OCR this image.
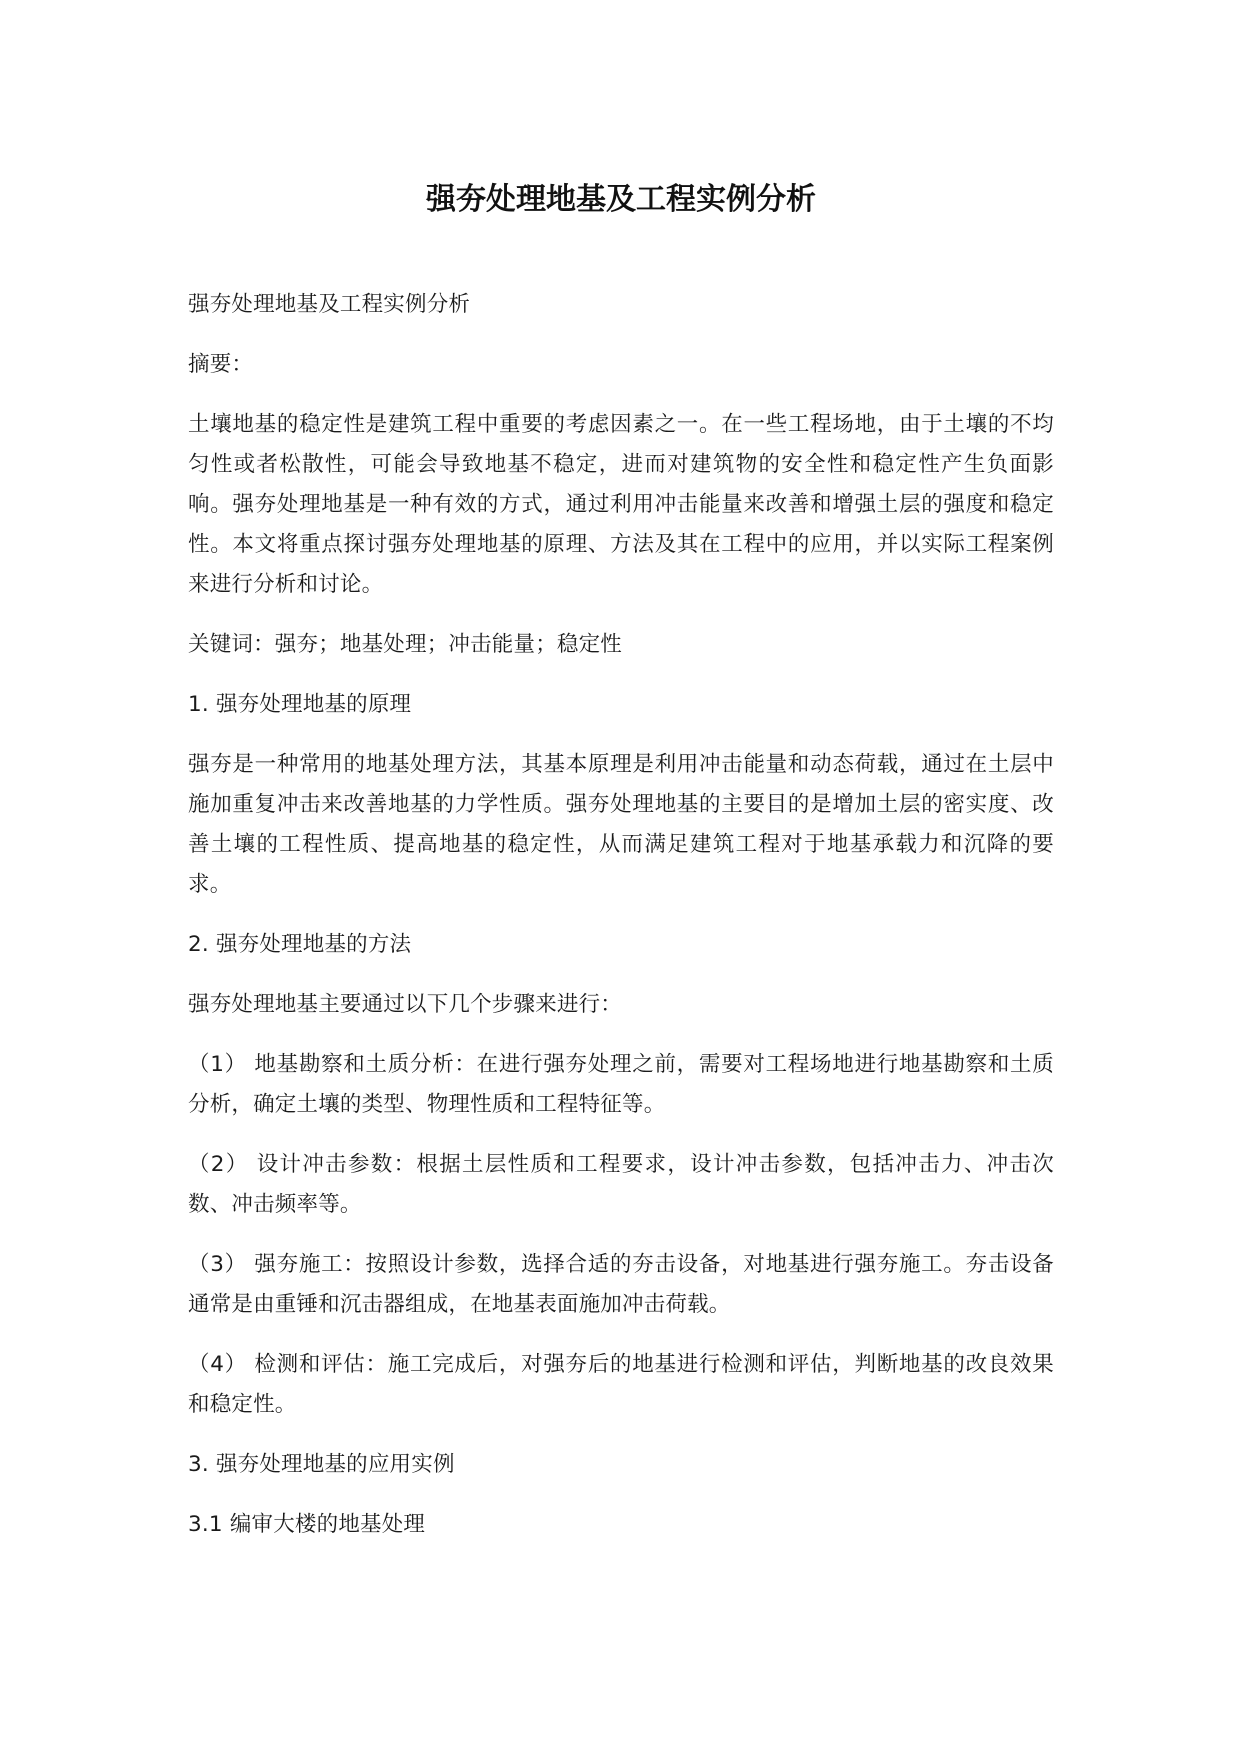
强夯处理地基及工程实例分析

强夯处理地基及工程实例分析

摘要：

土壤地基的稳定性是建筑工程中重要的考虑因素之一。在一些工程场地，由于土壤的不均匀性或者松散性，可能会导致地基不稳定，进而对建筑物的安全性和稳定性产生负面影响。强夯处理地基是一种有效的方式，通过利用冲击能量来改善和增强土层的强度和稳定性。本文将重点探讨强夯处理地基的原理、方法及其在工程中的应用，并以实际工程案例来进行分析和讨论。

关键词：强夯；地基处理；冲击能量；稳定性

1. 强夯处理地基的原理

强夯是一种常用的地基处理方法，其基本原理是利用冲击能量和动态荷载，通过在土层中施加重复冲击来改善地基的力学性质。强夯处理地基的主要目的是增加土层的密实度、改善土壤的工程性质、提高地基的稳定性，从而满足建筑工程对于地基承载力和沉降的要求。

2. 强夯处理地基的方法

强夯处理地基主要通过以下几个步骤来进行：

（1） 地基勘察和土质分析：在进行强夯处理之前，需要对工程场地进行地基勘察和土质分析，确定土壤的类型、物理性质和工程特征等。

（2） 设计冲击参数：根据土层性质和工程要求，设计冲击参数，包括冲击力、冲击次数、冲击频率等。

（3） 强夯施工：按照设计参数，选择合适的夯击设备，对地基进行强夯施工。夯击设备通常是由重锤和沉击器组成，在地基表面施加冲击荷载。

（4） 检测和评估：施工完成后，对强夯后的地基进行检测和评估，判断地基的改良效果和稳定性。

3. 强夯处理地基的应用实例

3.1 编审大楼的地基处理
